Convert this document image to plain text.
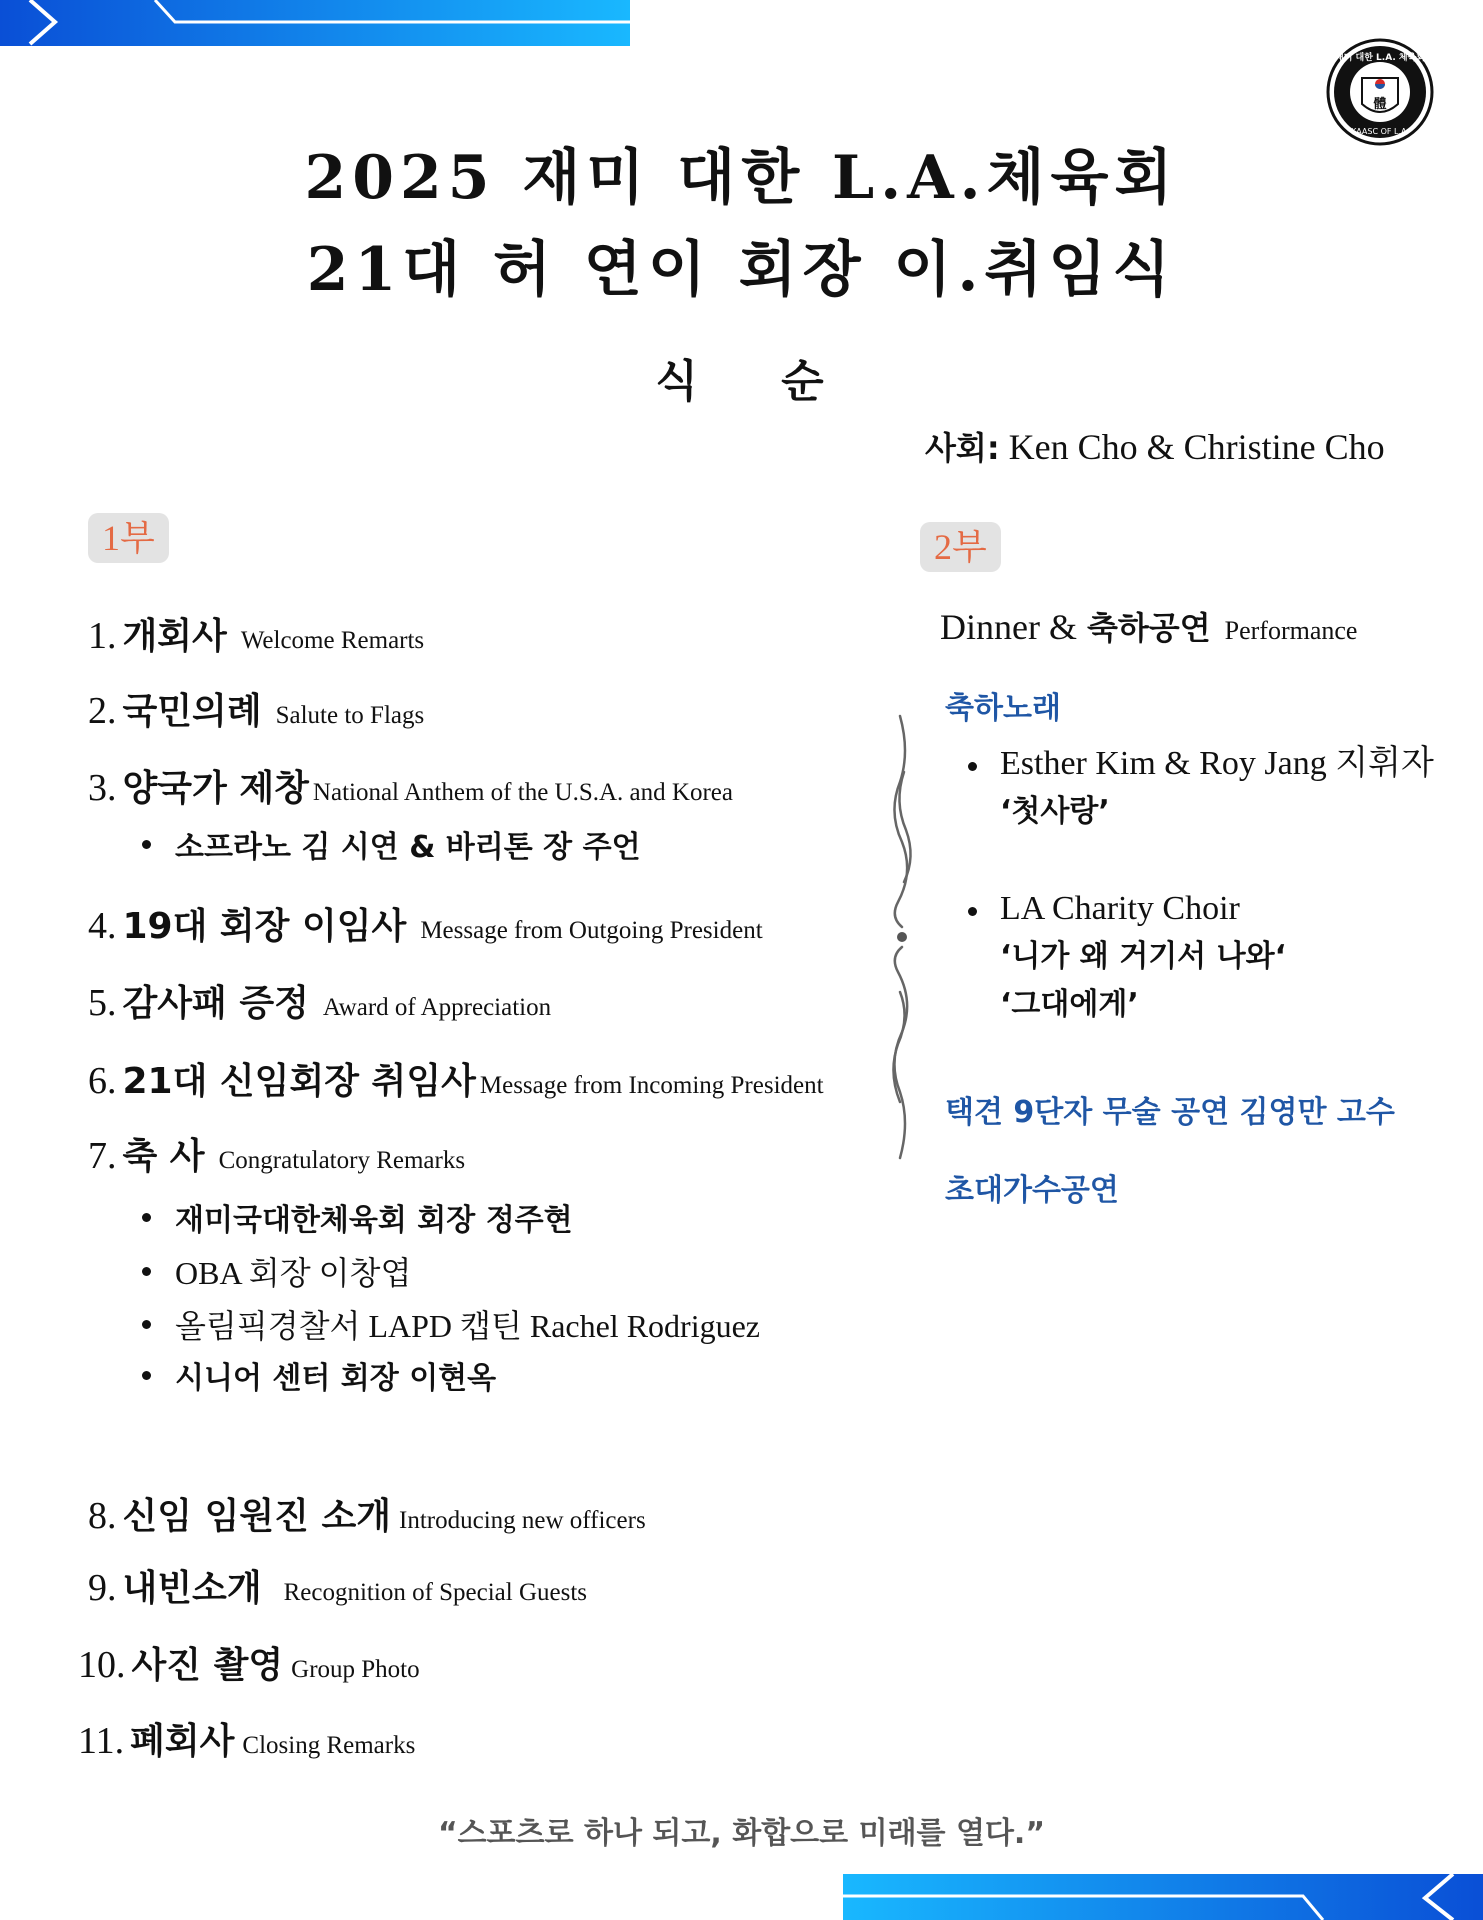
體
재미 대한 L.A. 체육회
KAASC OF L.A.
2025 재미 대한 L.A.체육회
21대 허 연이 회장 이.취임식
식 순
사회: Ken Cho & Christine Cho
1부
1. 개회사 Welcome Remarts
2. 국민의례 Salute to Flags
3. 양국가 제창 National Anthem of the U.S.A. and Korea
소프라노 김 시연 & 바리톤 장 주언
4. 19대 회장 이임사 Message from Outgoing President
5. 감사패 증정 Award of Appreciation
6. 21대 신임회장 취임사 Message from Incoming President
7. 축 사 Congratulatory Remarks
재미국대한체육회 회장 정주현
OBA 회장 이창엽
올림픽경찰서 LAPD 캡틴 Rachel Rodriguez
시니어 센터 회장 이현옥
8. 신임 임원진 소개 Introducing new officers
9. 내빈소개 Recognition of Special Guests
10. 사진 촬영 Group Photo
11. 폐회사 Closing Remarks
2부
Dinner & 축하공연 Performance
축하노래
Esther Kim & Roy Jang 지휘자
‘첫사랑’
LA Charity Choir
‘니가 왜 거기서 나와‘
‘그대에게’
택견 9단자 무술 공연 김영만 고수
초대가수공연
“스포츠로 하나 되고, 화합으로 미래를 열다.”
